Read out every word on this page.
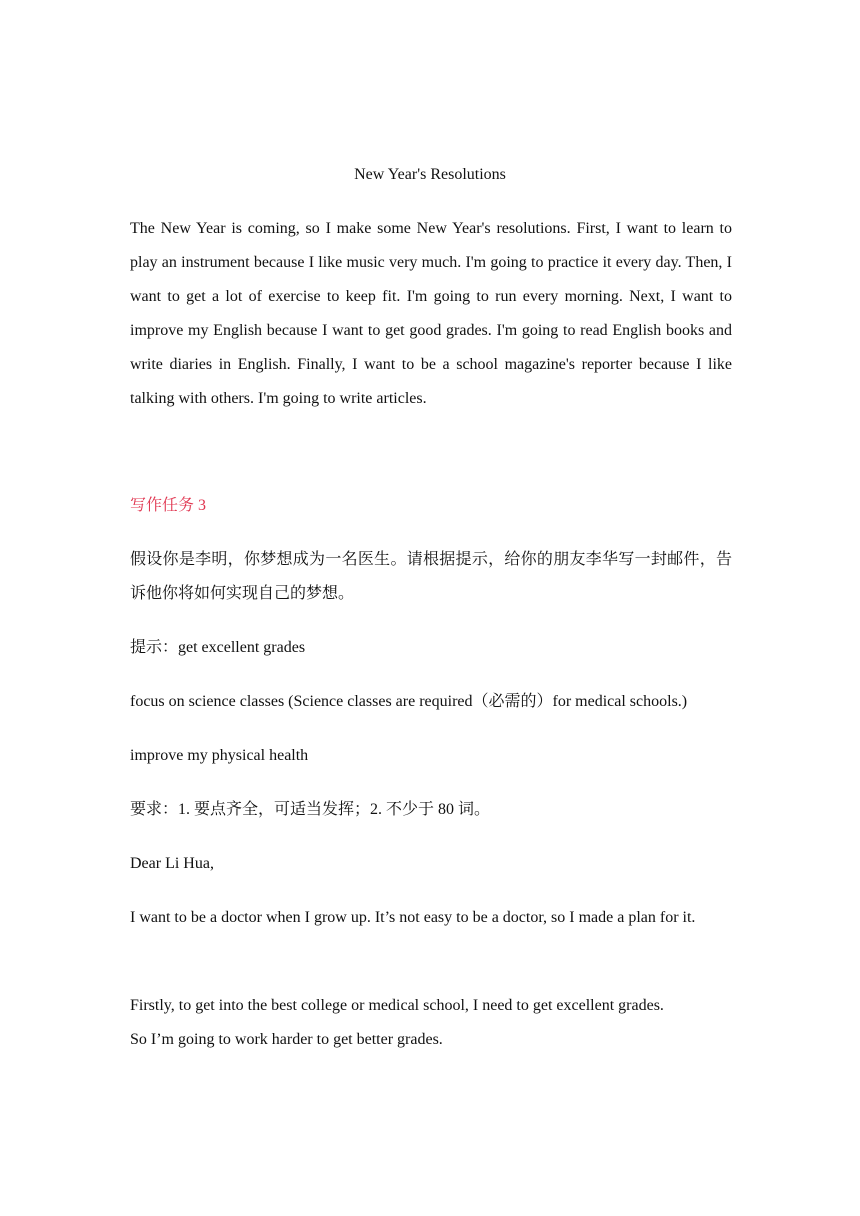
New Year's Resolutions

The New Year is coming, so I make some New Year's resolutions. First, I want to learn to play an instrument because I like music very much. I'm going to practice it every day. Then, I want to get a lot of exercise to keep fit. I'm going to run every morning. Next, I want to improve my English because I want to get good grades. I'm going to read English books and write diaries in English. Finally, I want to be a school magazine's reporter because I like talking with others. I'm going to write articles.

写作任务 3

假设你是李明，你梦想成为一名医生。请根据提示，给你的朋友李华写一封邮件，告诉他你将如何实现自己的梦想。

提示：get excellent grades

focus on science classes (Science classes are required（必需的）for medical schools.)

improve my physical health

要求：1. 要点齐全，可适当发挥；2. 不少于 80 词。

Dear Li Hua,

I want to be a doctor when I grow up. It’s not easy to be a doctor, so I made a plan for it.

Firstly, to get into the best college or medical school, I need to get excellent grades.

So I’m going to work harder to get better grades.
